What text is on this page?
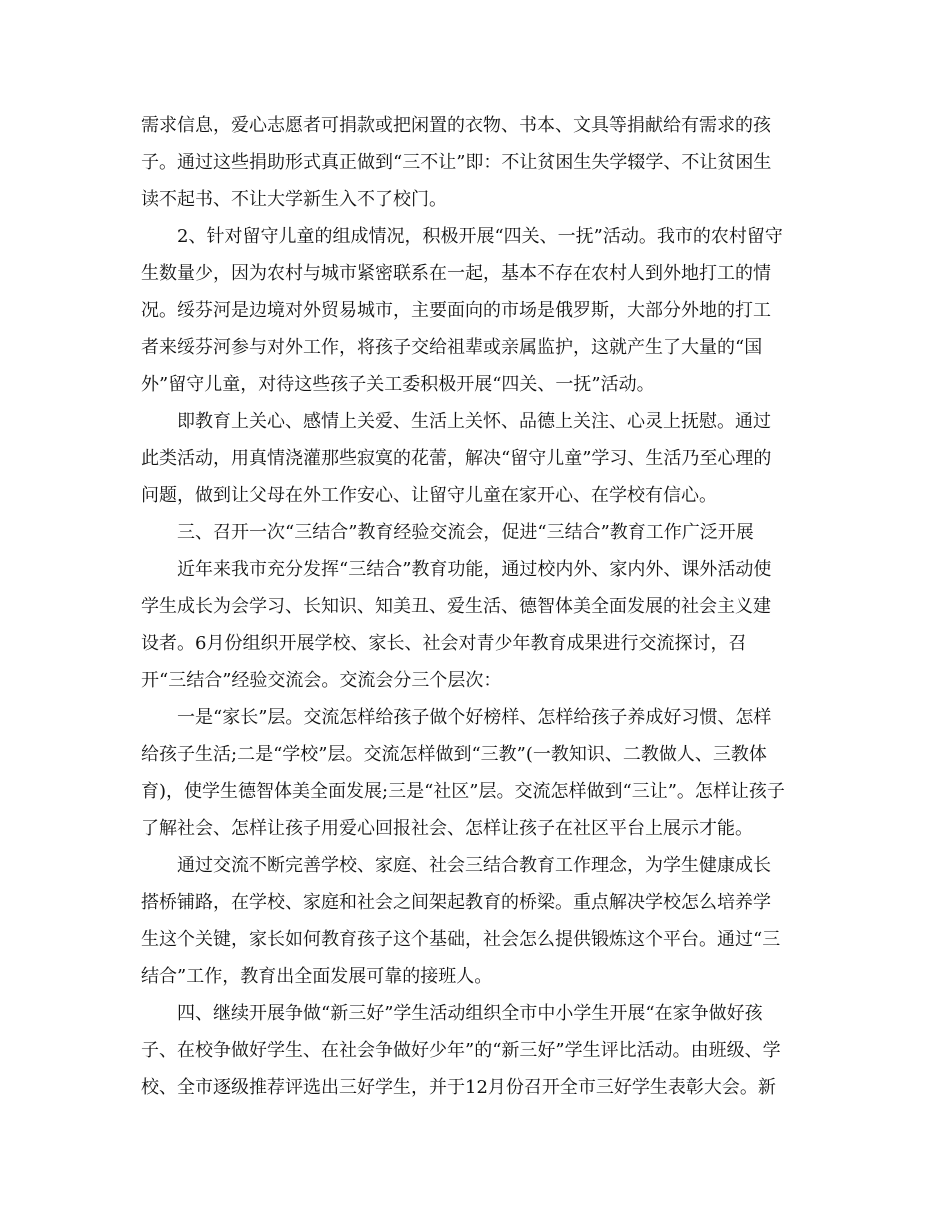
需求信息，爱心志愿者可捐款或把闲置的衣物、书本、文具等捐献给有需求的孩
子。通过这些捐助形式真正做到“三不让”即：不让贫困生失学辍学、不让贫困生
读不起书、不让大学新生入不了校门。
2、针对留守儿童的组成情况，积极开展“四关、一抚”活动。我市的农村留守
生数量少，因为农村与城市紧密联系在一起，基本不存在农村人到外地打工的情
况。绥芬河是边境对外贸易城市，主要面向的市场是俄罗斯，大部分外地的打工
者来绥芬河参与对外工作，将孩子交给祖辈或亲属监护，这就产生了大量的“国
外”留守儿童，对待这些孩子关工委积极开展“四关、一抚”活动。
即教育上关心、感情上关爱、生活上关怀、品德上关注、心灵上抚慰。通过
此类活动，用真情浇灌那些寂寞的花蕾，解决“留守儿童”学习、生活乃至心理的
问题，做到让父母在外工作安心、让留守儿童在家开心、在学校有信心。
三、召开一次“三结合”教育经验交流会，促进“三结合”教育工作广泛开展
近年来我市充分发挥“三结合”教育功能，通过校内外、家内外、课外活动使
学生成长为会学习、长知识、知美丑、爱生活、德智体美全面发展的社会主义建
设者。6月份组织开展学校、家长、社会对青少年教育成果进行交流探讨，召
开“三结合”经验交流会。交流会分三个层次：
一是“家长”层。交流怎样给孩子做个好榜样、怎样给孩子养成好习惯、怎样
给孩子生活;二是“学校”层。交流怎样做到“三教”(一教知识、二教做人、三教体
育)，使学生德智体美全面发展;三是“社区”层。交流怎样做到“三让”。怎样让孩子
了解社会、怎样让孩子用爱心回报社会、怎样让孩子在社区平台上展示才能。
通过交流不断完善学校、家庭、社会三结合教育工作理念，为学生健康成长
搭桥铺路，在学校、家庭和社会之间架起教育的桥梁。重点解决学校怎么培养学
生这个关键，家长如何教育孩子这个基础，社会怎么提供锻炼这个平台。通过“三
结合”工作，教育出全面发展可靠的接班人。
四、继续开展争做“新三好”学生活动组织全市中小学生开展“在家争做好孩
子、在校争做好学生、在社会争做好少年”的“新三好”学生评比活动。由班级、学
校、全市逐级推荐评选出三好学生，并于12月份召开全市三好学生表彰大会。新
